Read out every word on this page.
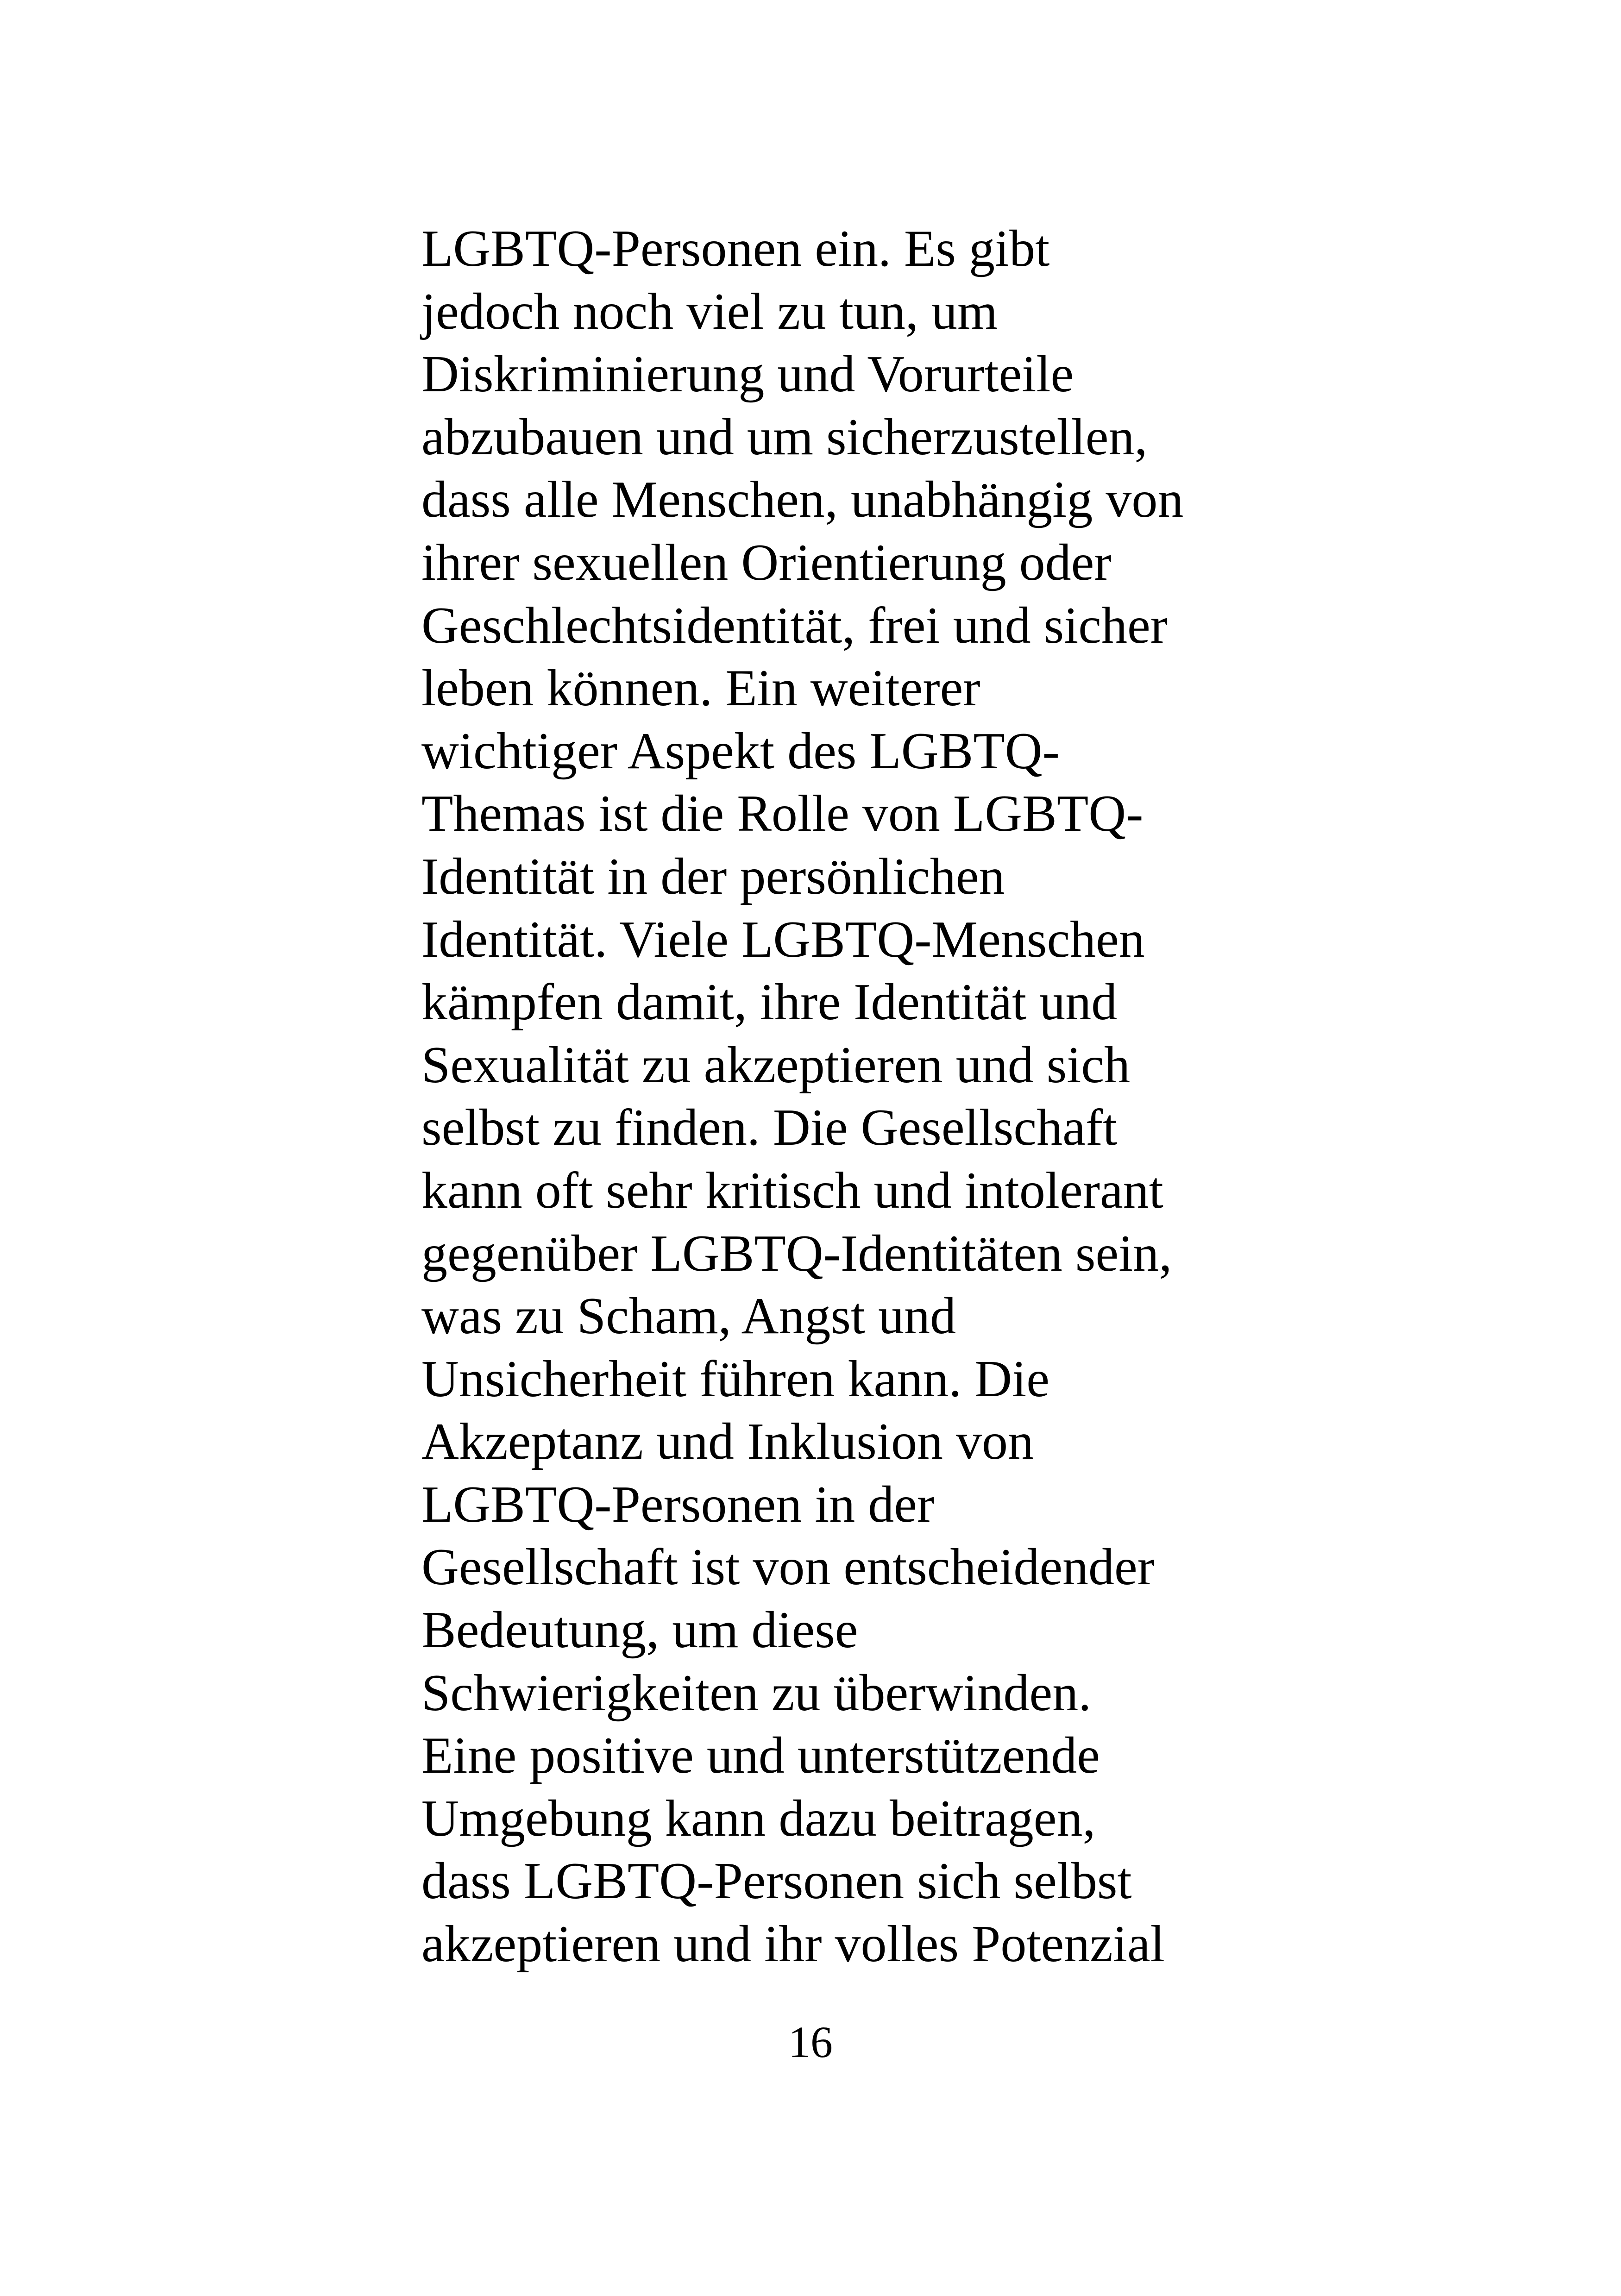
LGBTQ-Personen ein. Es gibt
jedoch noch viel zu tun, um
Diskriminierung und Vorurteile
abzubauen und um sicherzustellen,
dass alle Menschen, unabhängig von
ihrer sexuellen Orientierung oder
Geschlechtsidentität, frei und sicher
leben können. Ein weiterer
wichtiger Aspekt des LGBTQ-
Themas ist die Rolle von LGBTQ-
Identität in der persönlichen
Identität. Viele LGBTQ-Menschen
kämpfen damit, ihre Identität und
Sexualität zu akzeptieren und sich
selbst zu finden. Die Gesellschaft
kann oft sehr kritisch und intolerant
gegenüber LGBTQ-Identitäten sein,
was zu Scham, Angst und
Unsicherheit führen kann. Die
Akzeptanz und Inklusion von
LGBTQ-Personen in der
Gesellschaft ist von entscheidender
Bedeutung, um diese
Schwierigkeiten zu überwinden.
Eine positive und unterstützende
Umgebung kann dazu beitragen,
dass LGBTQ-Personen sich selbst
akzeptieren und ihr volles Potenzial
16
